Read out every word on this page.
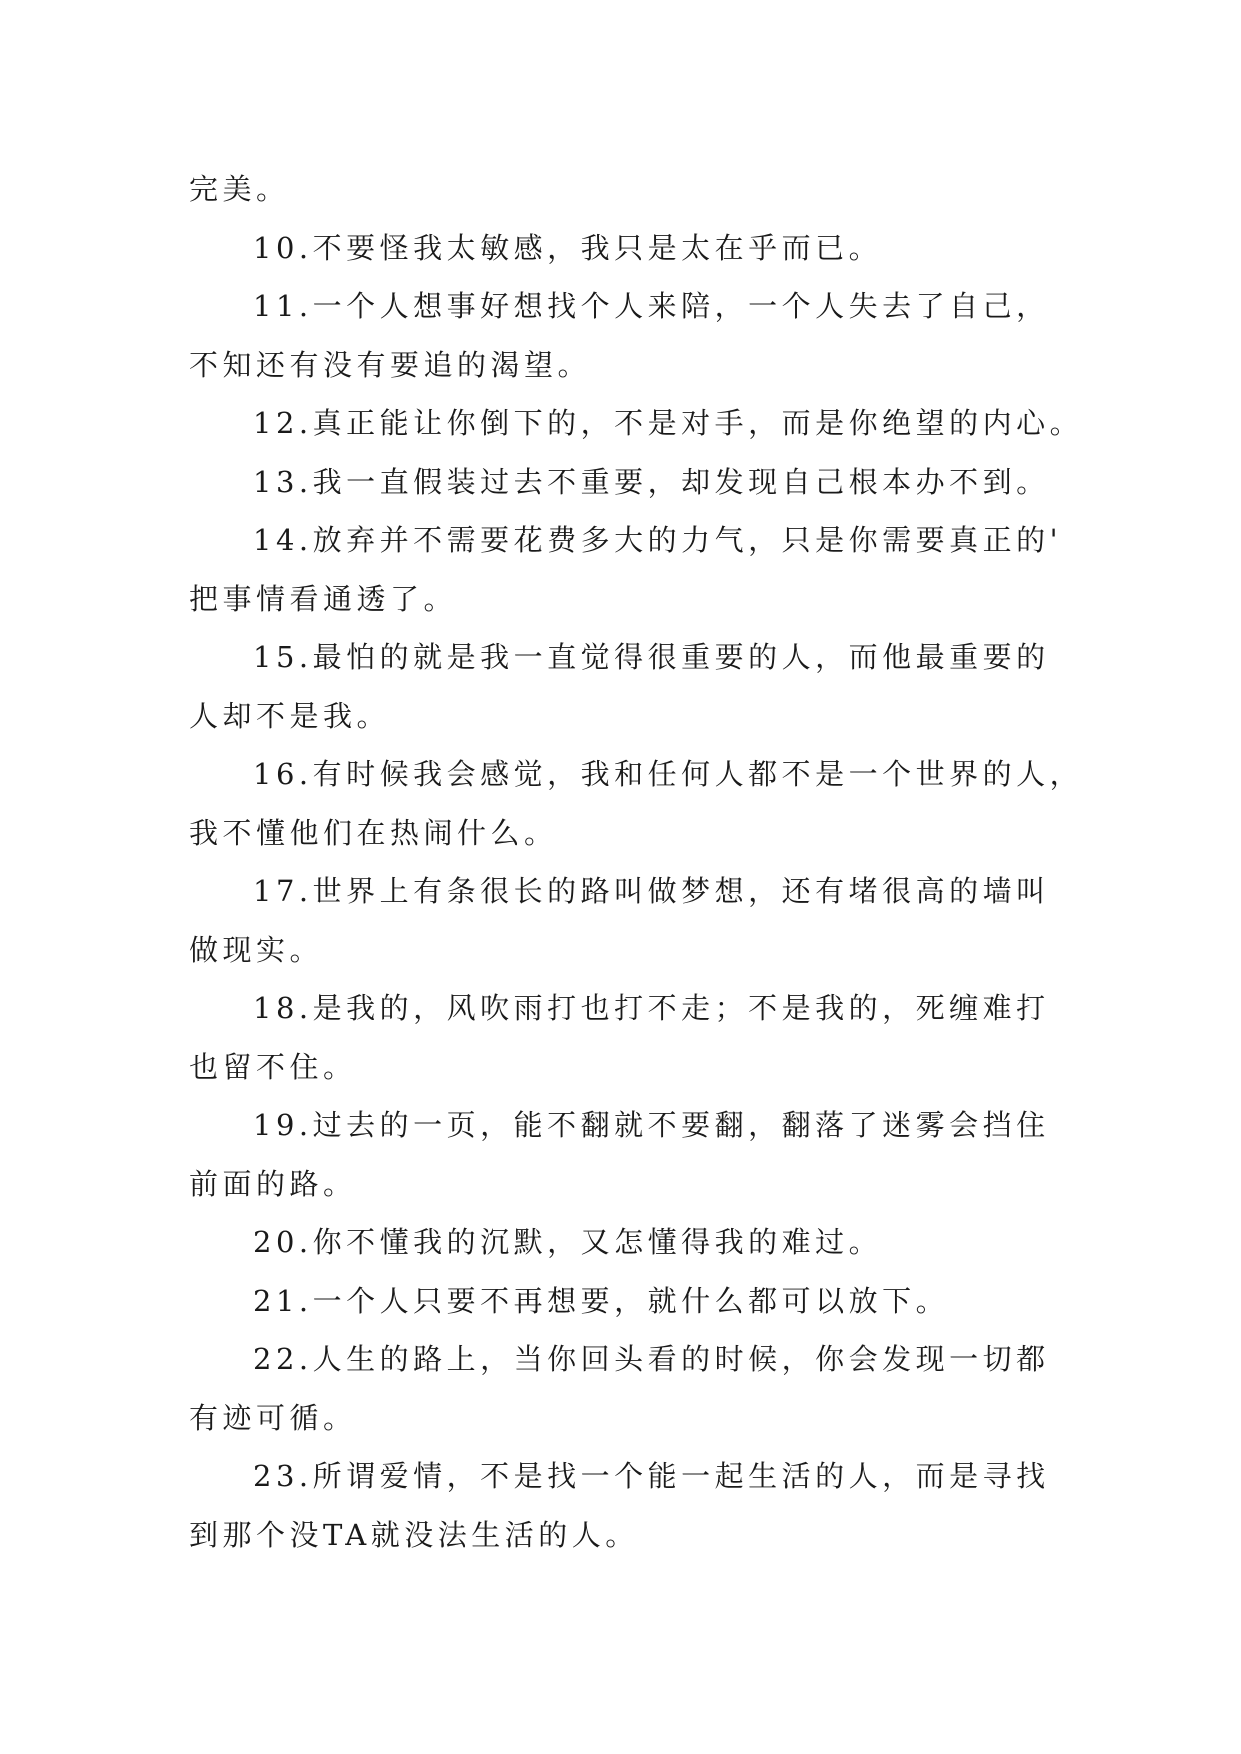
完美。
10.不要怪我太敏感，我只是太在乎而已。
11.一个人想事好想找个人来陪，一个人失去了自己，
不知还有没有要追的渴望。
12.真正能让你倒下的，不是对手，而是你绝望的内心。
13.我一直假装过去不重要，却发现自己根本办不到。
14.放弃并不需要花费多大的力气，只是你需要真正的'
把事情看通透了。
15.最怕的就是我一直觉得很重要的人，而他最重要的
人却不是我。
16.有时候我会感觉，我和任何人都不是一个世界的人，
我不懂他们在热闹什么。
17.世界上有条很长的路叫做梦想，还有堵很高的墙叫
做现实。
18.是我的，风吹雨打也打不走；不是我的，死缠难打
也留不住。
19.过去的一页，能不翻就不要翻，翻落了迷雾会挡住
前面的路。
20.你不懂我的沉默，又怎懂得我的难过。
21.一个人只要不再想要，就什么都可以放下。
22.人生的路上，当你回头看的时候，你会发现一切都
有迹可循。
23.所谓爱情，不是找一个能一起生活的人，而是寻找
到那个没TA就没法生活的人。
